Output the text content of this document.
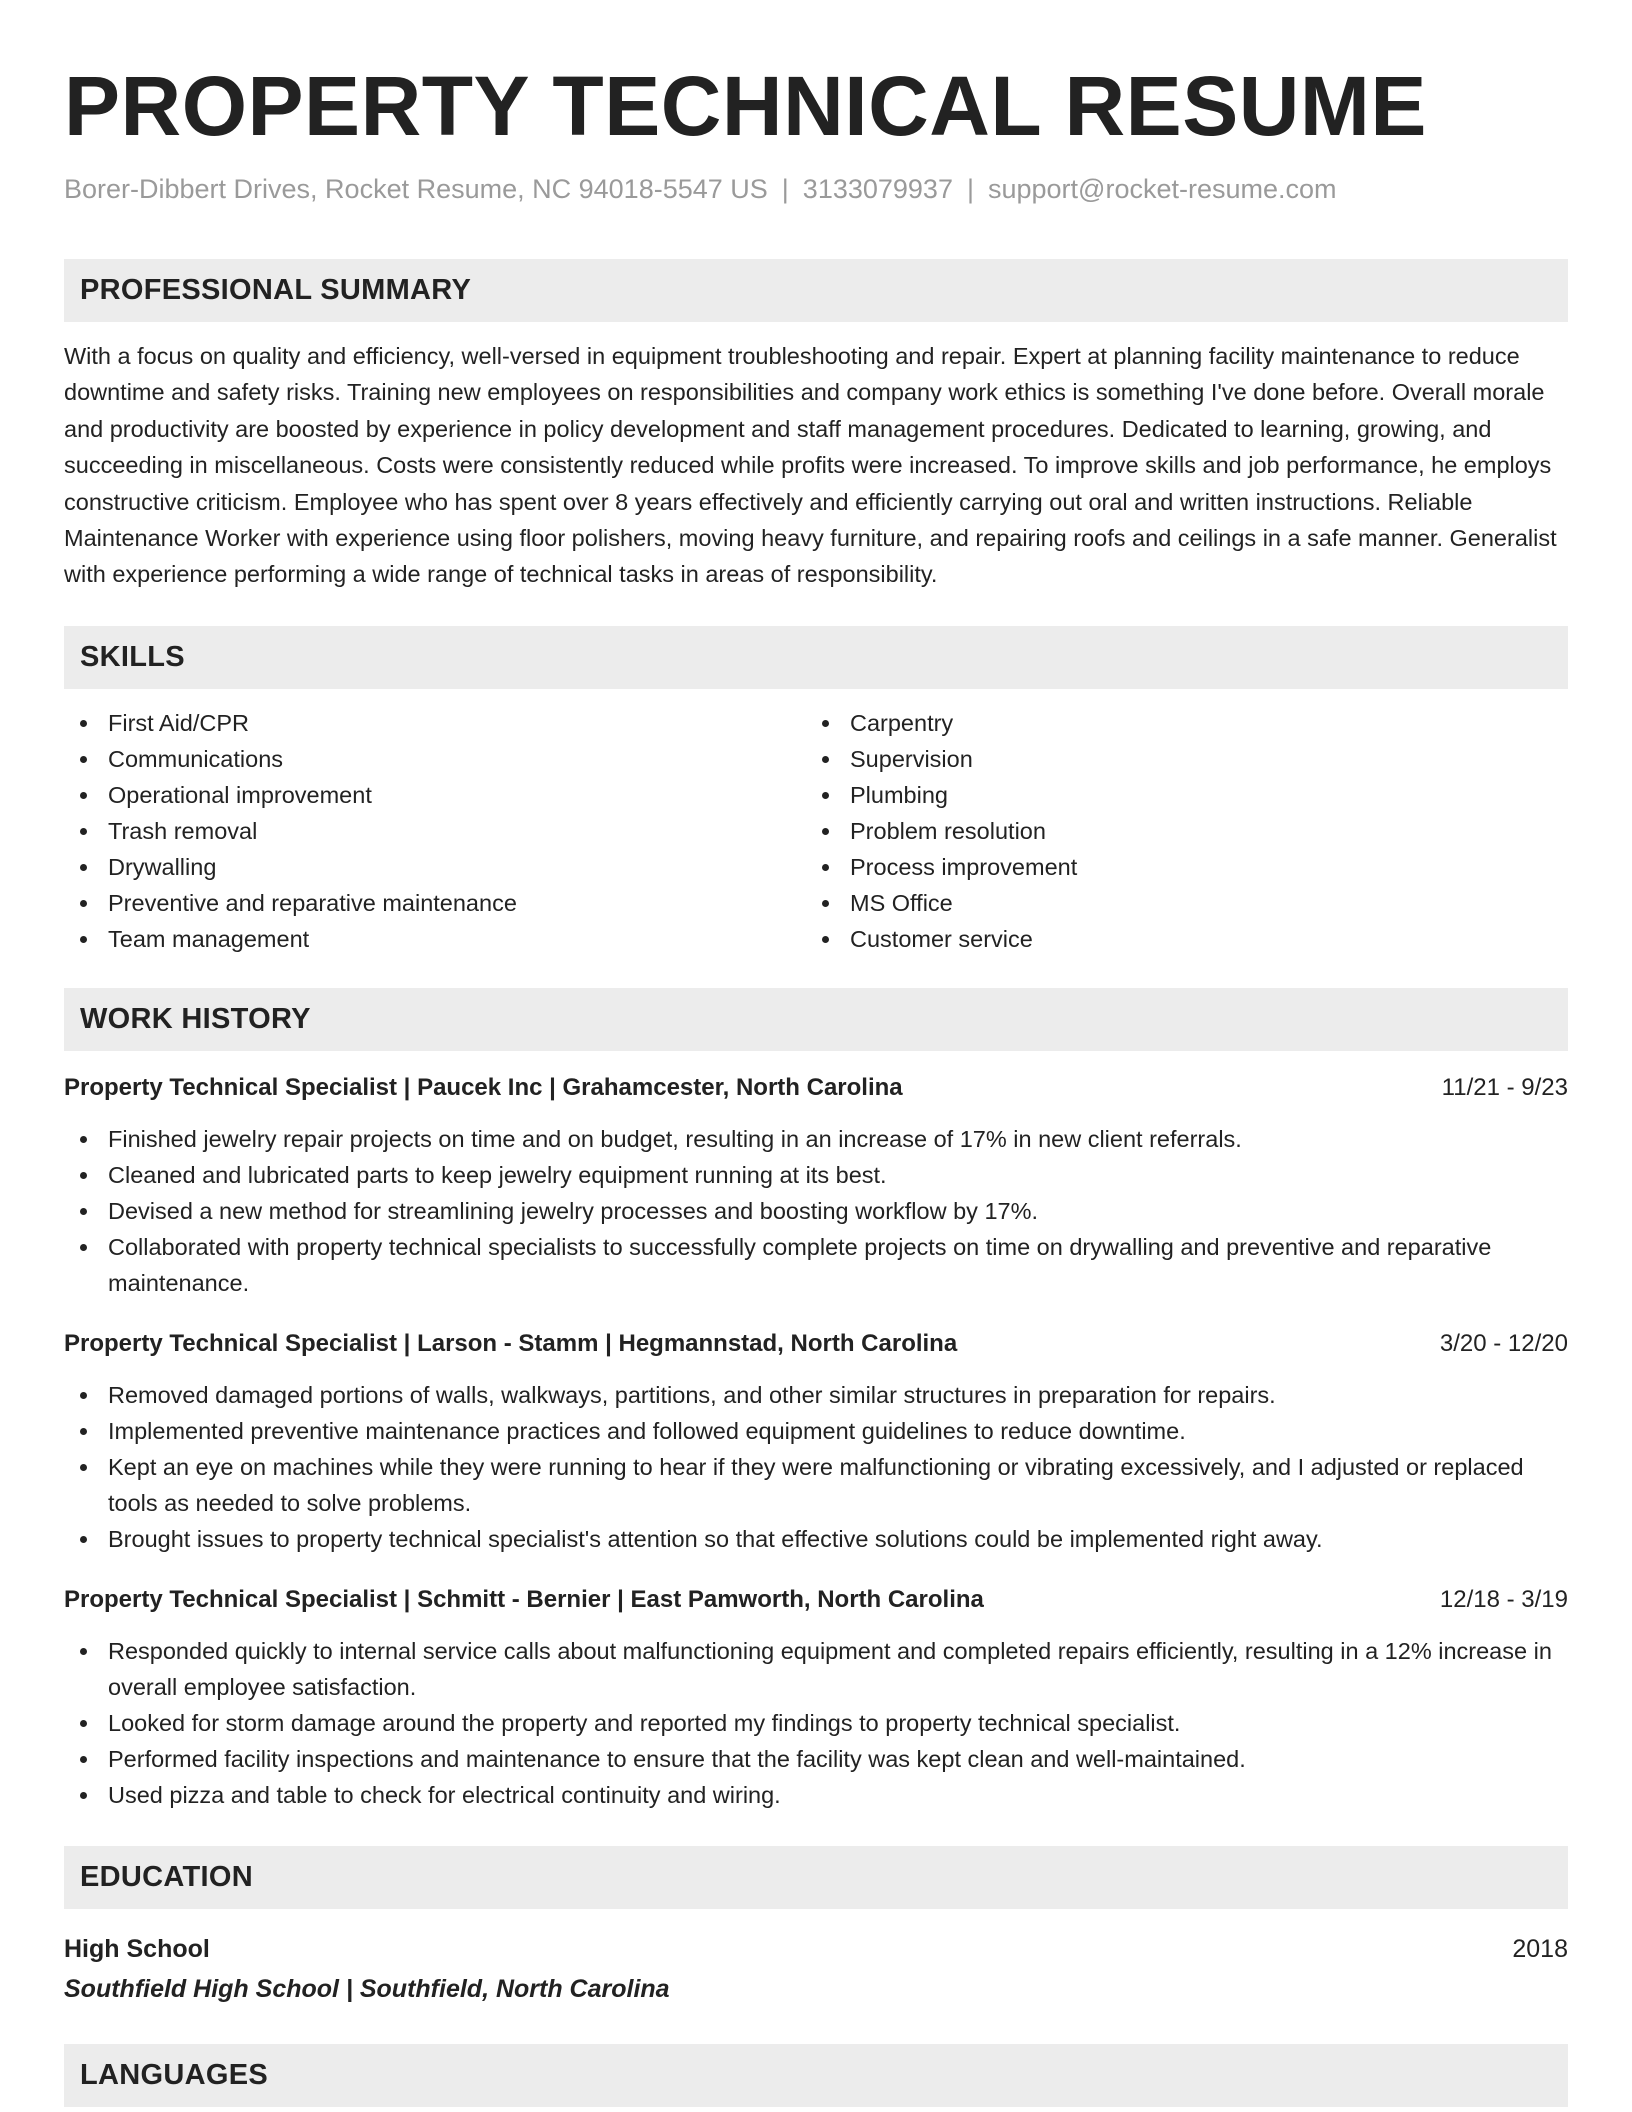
PROPERTY TECHNICAL RESUME
Borer-Dibbert Drives, Rocket Resume, NC 94018-5547 US | 3133079937 | support@rocket-resume.com
PROFESSIONAL SUMMARY

With a focus on quality and efficiency, well-versed in equipment troubleshooting and repair. Expert at planning facility maintenance to reduce downtime and safety risks. Training new employees on responsibilities and company work ethics is something I've done before. Overall morale and productivity are boosted by experience in policy development and staff management procedures. Dedicated to learning, growing, and succeeding in miscellaneous. Costs were consistently reduced while profits were increased. To improve skills and job performance, he employs constructive criticism. Employee who has spent over 8 years effectively and efficiently carrying out oral and written instructions. Reliable Maintenance Worker with experience using floor polishers, moving heavy furniture, and repairing roofs and ceilings in a safe manner. Generalist with experience performing a wide range of technical tasks in areas of responsibility.

SKILLS
First Aid/CPR
Communications
Operational improvement
Trash removal
Drywalling
Preventive and reparative maintenance
Team management
Carpentry
Supervision
Plumbing
Problem resolution
Process improvement
MS Office
Customer service
WORK HISTORY
Property Technical Specialist | Paucek Inc | Grahamcester, North Carolina	11/21 - 9/23
Finished jewelry repair projects on time and on budget, resulting in an increase of 17% in new client referrals.
Cleaned and lubricated parts to keep jewelry equipment running at its best.
Devised a new method for streamlining jewelry processes and boosting workflow by 17%.
Collaborated with property technical specialists to successfully complete projects on time on drywalling and preventive and reparative maintenance.
Property Technical Specialist | Larson - Stamm | Hegmannstad, North Carolina	3/20 - 12/20
Removed damaged portions of walls, walkways, partitions, and other similar structures in preparation for repairs.
Implemented preventive maintenance practices and followed equipment guidelines to reduce downtime.
Kept an eye on machines while they were running to hear if they were malfunctioning or vibrating excessively, and I adjusted or replaced tools as needed to solve problems.
Brought issues to property technical specialist's attention so that effective solutions could be implemented right away.
Property Technical Specialist | Schmitt - Bernier | East Pamworth, North Carolina	12/18 - 3/19
Responded quickly to internal service calls about malfunctioning equipment and completed repairs efficiently, resulting in a 12% increase in overall employee satisfaction.
Looked for storm damage around the property and reported my findings to property technical specialist.
Performed facility inspections and maintenance to ensure that the facility was kept clean and well-maintained.
Used pizza and table to check for electrical continuity and wiring.
EDUCATION
High School	2018
Southfield High School | Southfield, North Carolina
LANGUAGES
